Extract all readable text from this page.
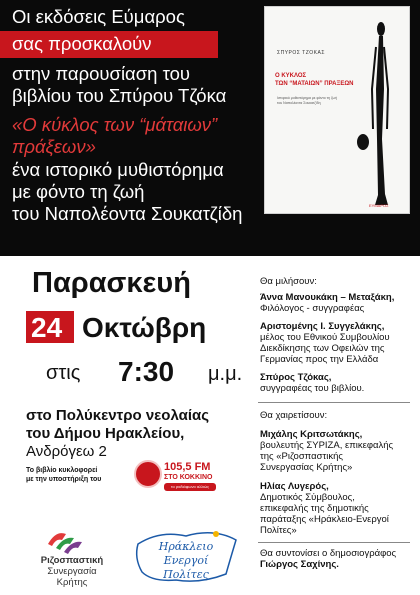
Οι εκδόσεις Εύμαρος
σας προσκαλούν
στην παρουσίαση του
βιβλίου του Σπύρου Τζόκα
«Ο κύκλος των “μάταιων”
πράξεων»
ένα ιστορικό μυθιστόρημα
με φόντο τη ζωή
του Ναπολέοντα Σουκατζίδη
ΣΠΥΡΟΣ ΤΖΟΚΑΣ
Ο ΚΥΚΛΟΣ
ΤΩΝ “ΜΑΤΑΙΩΝ” ΠΡΑΞΕΩΝ
Ιστορικό μυθιστόρημα με φόντο τη ζωή του Ναπολέοντα Σουκατζίδη
ΕΥΜΑΡΟΣ
Παρασκευή
24 Οκτώβρη
στις 7:30 μ.μ.
στο Πολύκεντρο νεολαίας
του Δήμου Ηρακλείου,
Ανδρόγεω 2
Το βιβλίο κυκλοφορεί
με την υποστήριξη του
105,5 FM
ΣΤΟ ΚΟΚΚΙΝΟ
το ραδιόφωνο αλλιώς
Ριζοσπαστική
Συνεργασία
Κρήτης
Ηράκλειο
Ενεργοί
Πολίτες
Θα μιλήσουν:
Άννα Μανουκάκη – Μεταξάκη,
Φιλόλογος - συγγραφέας
Αριστομένης Ι. Συγγελάκης,
μέλος του Εθνικού Συμβουλίου
Διεκδίκησης των Οφειλών της
Γερμανίας προς την Ελλάδα
Σπύρος Τζόκας,
συγγραφέας του βιβλίου.
Θα χαιρετίσουν:
Μιχάλης Κριτσωτάκης,
βουλευτής ΣΥΡΙΖΑ, επικεφαλής
της «Ριζοσπαστικής
Συνεργασίας Κρήτης»
Ηλίας Λυγερός,
Δημοτικός Σύμβουλος,
επικεφαλής της δημοτικής
παράταξης «Ηράκλειο-Ενεργοί
Πολίτες»
Θα συντονίσει ο δημοσιογράφος
Γιώργος Σαχίνης.
